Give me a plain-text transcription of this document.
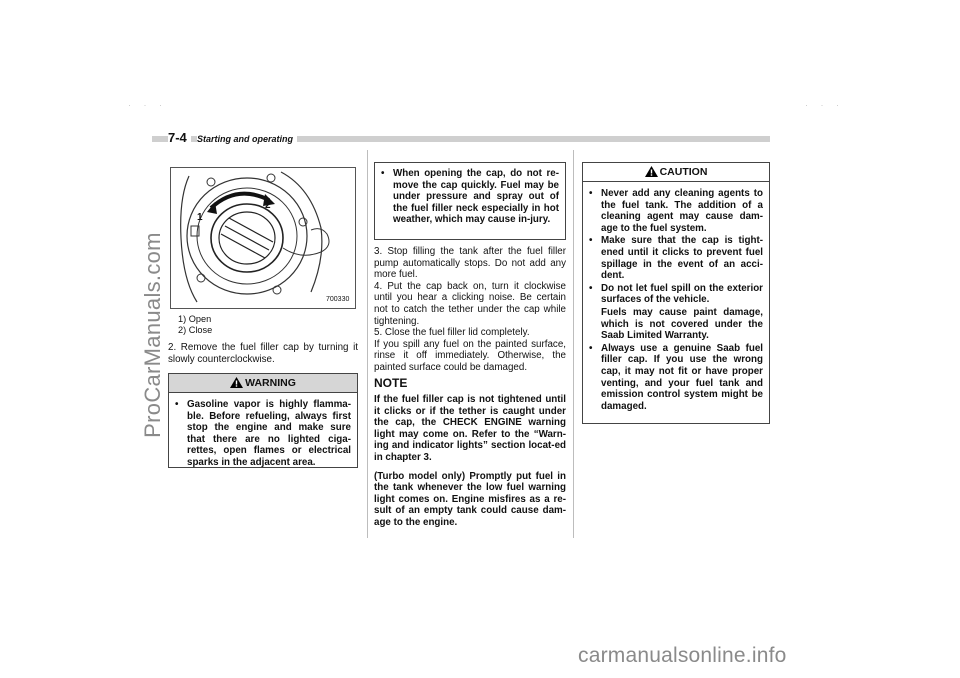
· · ·	· · ·
ProCarManuals.com
7-4	Starting and operating
1
2
700330
1) Open
2) Close
2. Remove the fuel filler cap by turning it slowly counterclockwise.
WARNING
• Gasoline vapor is highly flamma-ble. Before refueling, always first stop the engine and make sure that there are no lighted ciga-rettes, open flames or electrical sparks in the adjacent area.
• When opening the cap, do not re-move the cap quickly. Fuel may be under pressure and spray out of the fuel filler neck especially in hot weather, which may cause in-jury.
3. Stop filling the tank after the fuel filler pump automatically stops. Do not add any more fuel.
4. Put the cap back on, turn it clockwise until you hear a clicking noise. Be certain not to catch the tether under the cap while tightening.
5. Close the fuel filler lid completely.
If you spill any fuel on the painted surface, rinse it off immediately. Otherwise, the painted surface could be damaged.
NOTE
If the fuel filler cap is not tightened until it clicks or if the tether is caught under the cap, the CHECK ENGINE warning light may come on. Refer to the “Warn-ing and indicator lights” section locat-ed in chapter 3.
(Turbo model only) Promptly put fuel in the tank whenever the low fuel warning light comes on. Engine misfires as a re-sult of an empty tank could cause dam-age to the engine.
CAUTION
• Never add any cleaning agents to the fuel tank. The addition of a cleaning agent may cause dam-age to the fuel system.
• Make sure that the cap is tight-ened until it clicks to prevent fuel spillage in the event of an acci-dent.
• Do not let fuel spill on the exterior surfaces of the vehicle.
Fuels may cause paint damage, which is not covered under the Saab Limited Warranty.
• Always use a genuine Saab fuel filler cap. If you use the wrong cap, it may not fit or have proper venting, and your fuel tank and emission control system might be damaged.
carmanualsonline.info
